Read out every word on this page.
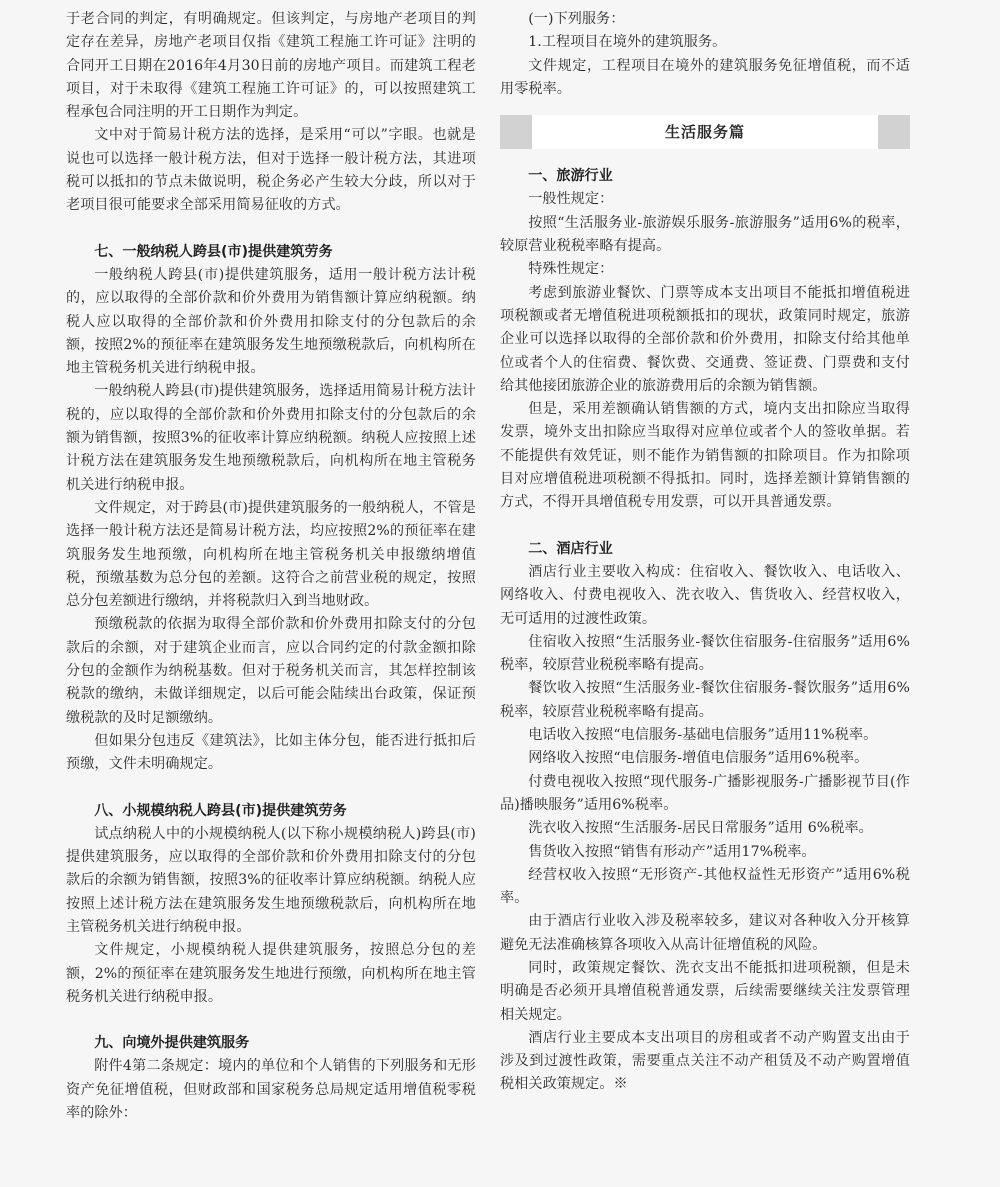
于老合同的判定，有明确规定。但该判定，与房地产老项目的判定存在差异，房地产老项目仅指《建筑工程施工许可证》注明的合同开工日期在2016年4月30日前的房地产项目。而建筑工程老项目，对于未取得《建筑工程施工许可证》的，可以按照建筑工程承包合同注明的开工日期作为判定。

文中对于简易计税方法的选择，是采用“可以”字眼。也就是说也可以选择一般计税方法，但对于选择一般计税方法，其进项税可以抵扣的节点未做说明，税企务必产生较大分歧，所以对于老项目很可能要求全部采用简易征收的方式。

七、一般纳税人跨县(市)提供建筑劳务

一般纳税人跨县(市)提供建筑服务，适用一般计税方法计税的，应以取得的全部价款和价外费用为销售额计算应纳税额。纳税人应以取得的全部价款和价外费用扣除支付的分包款后的余额，按照2%的预征率在建筑服务发生地预缴税款后，向机构所在地主管税务机关进行纳税申报。

一般纳税人跨县(市)提供建筑服务，选择适用简易计税方法计税的，应以取得的全部价款和价外费用扣除支付的分包款后的余额为销售额，按照3%的征收率计算应纳税额。纳税人应按照上述计税方法在建筑服务发生地预缴税款后，向机构所在地主管税务机关进行纳税申报。

文件规定，对于跨县(市)提供建筑服务的一般纳税人，不管是选择一般计税方法还是简易计税方法，均应按照2%的预征率在建筑服务发生地预缴，向机构所在地主管税务机关申报缴纳增值税，预缴基数为总分包的差额。这符合之前营业税的规定，按照总分包差额进行缴纳，并将税款归入到当地财政。

预缴税款的依据为取得全部价款和价外费用扣除支付的分包款后的余额，对于建筑企业而言，应以合同约定的付款金额扣除分包的金额作为纳税基数。但对于税务机关而言，其怎样控制该税款的缴纳，未做详细规定，以后可能会陆续出台政策，保证预缴税款的及时足额缴纳。

但如果分包违反《建筑法》，比如主体分包，能否进行抵扣后预缴，文件未明确规定。

八、小规模纳税人跨县(市)提供建筑劳务

试点纳税人中的小规模纳税人(以下称小规模纳税人)跨县(市)提供建筑服务，应以取得的全部价款和价外费用扣除支付的分包款后的余额为销售额，按照3%的征收率计算应纳税额。纳税人应按照上述计税方法在建筑服务发生地预缴税款后，向机构所在地主管税务机关进行纳税申报。

文件规定，小规模纳税人提供建筑服务，按照总分包的差额，2%的预征率在建筑服务发生地进行预缴，向机构所在地主管税务机关进行纳税申报。

九、向境外提供建筑服务

附件4第二条规定：境内的单位和个人销售的下列服务和无形资产免征增值税，但财政部和国家税务总局规定适用增值税零税率的除外：

(一)下列服务：

1.工程项目在境外的建筑服务。

文件规定，工程项目在境外的建筑服务免征增值税，而不适用零税率。

生活服务篇
一、旅游行业

一般性规定：

按照“生活服务业-旅游娱乐服务-旅游服务”适用6%的税率，较原营业税税率略有提高。

特殊性规定：

考虑到旅游业餐饮、门票等成本支出项目不能抵扣增值税进项税额或者无增值税进项税额抵扣的现状，政策同时规定，旅游企业可以选择以取得的全部价款和价外费用，扣除支付给其他单位或者个人的住宿费、餐饮费、交通费、签证费、门票费和支付给其他接团旅游企业的旅游费用后的余额为销售额。

但是，采用差额确认销售额的方式，境内支出扣除应当取得发票，境外支出扣除应当取得对应单位或者个人的签收单据。若不能提供有效凭证，则不能作为销售额的扣除项目。作为扣除项目对应增值税进项税额不得抵扣。同时，选择差额计算销售额的方式，不得开具增值税专用发票，可以开具普通发票。

二、酒店行业

酒店行业主要收入构成：住宿收入、餐饮收入、电话收入、网络收入、付费电视收入、洗衣收入、售货收入、经营权收入，无可适用的过渡性政策。

住宿收入按照“生活服务业-餐饮住宿服务-住宿服务”适用6%税率，较原营业税税率略有提高。

餐饮收入按照“生活服务业-餐饮住宿服务-餐饮服务”适用6%税率，较原营业税税率略有提高。

电话收入按照“电信服务-基础电信服务”适用11%税率。

网络收入按照“电信服务-增值电信服务”适用6%税率。

付费电视收入按照“现代服务-广播影视服务-广播影视节目(作品)播映服务”适用6%税率。

洗衣收入按照“生活服务-居民日常服务”适用 6%税率。

售货收入按照“销售有形动产”适用17%税率。

经营权收入按照“无形资产-其他权益性无形资产”适用6%税率。

由于酒店行业收入涉及税率较多，建议对各种收入分开核算避免无法准确核算各项收入从高计征增值税的风险。

同时，政策规定餐饮、洗衣支出不能抵扣进项税额，但是未明确是否必须开具增值税普通发票，后续需要继续关注发票管理相关规定。

酒店行业主要成本支出项目的房租或者不动产购置支出由于涉及到过渡性政策，需要重点关注不动产租赁及不动产购置增值税相关政策规定。※
